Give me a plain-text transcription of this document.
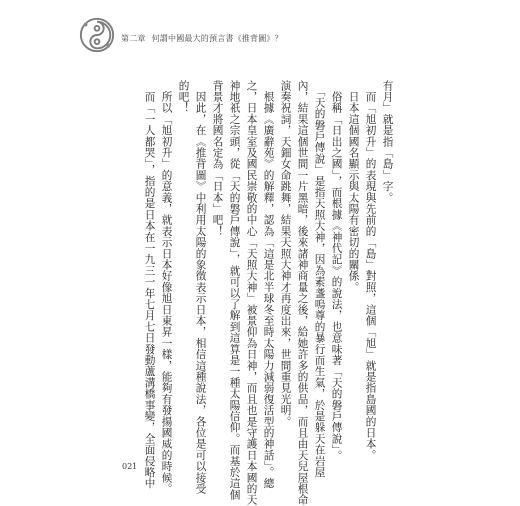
第二章 何謂中國最大的預言書《推背圖》？
有月」就是指「島」字。
　而「旭初升」的表現與先前的「島」對照，這個「旭」就是指島國的日本。
　日本這個國名顯示與太陽有密切的關係。
　俗稱「日出之國」，而根據《神代記》的說法，也意味著「天的磐戶傳說」。
　「天的磐戶傳說」是指天照大神，因為素盞嗚尊的暴行而生氣，於是躲天在岩屋
內，結果這個世間一片黑暗，後來諸神商量之後，給她許多的供品，而且由天兒屋根命
演奏祝詞，天鈿女命跳舞，結果天照大神才再度出來，世間重見光明。
　根據《廣辭苑》的解釋，認為「這是北半球冬至時太陽力減弱復活型的神話」。總
之，日本皇室及國民崇敬的中心「天照大神」被景仰為日神，而且也是守護日本國的天
神地祇之宗頭，從「天的磐戶傳說」，就可以了解到這算是一種太陽信仰。而基於這個
背景才將國名定為「日本」吧！
　因此，在《推背圖》中利用太陽的象徵表示日本，相信這種說法，各位是可以接受
的吧！
　所以「旭初升」的意義，就表示日本好像旭日東昇一樣，能夠有發揚國威的時候。
　而「一人都哭」，指的是日本在一九三一年七月七日發動蘆溝橋事變，全面侵略中
021
